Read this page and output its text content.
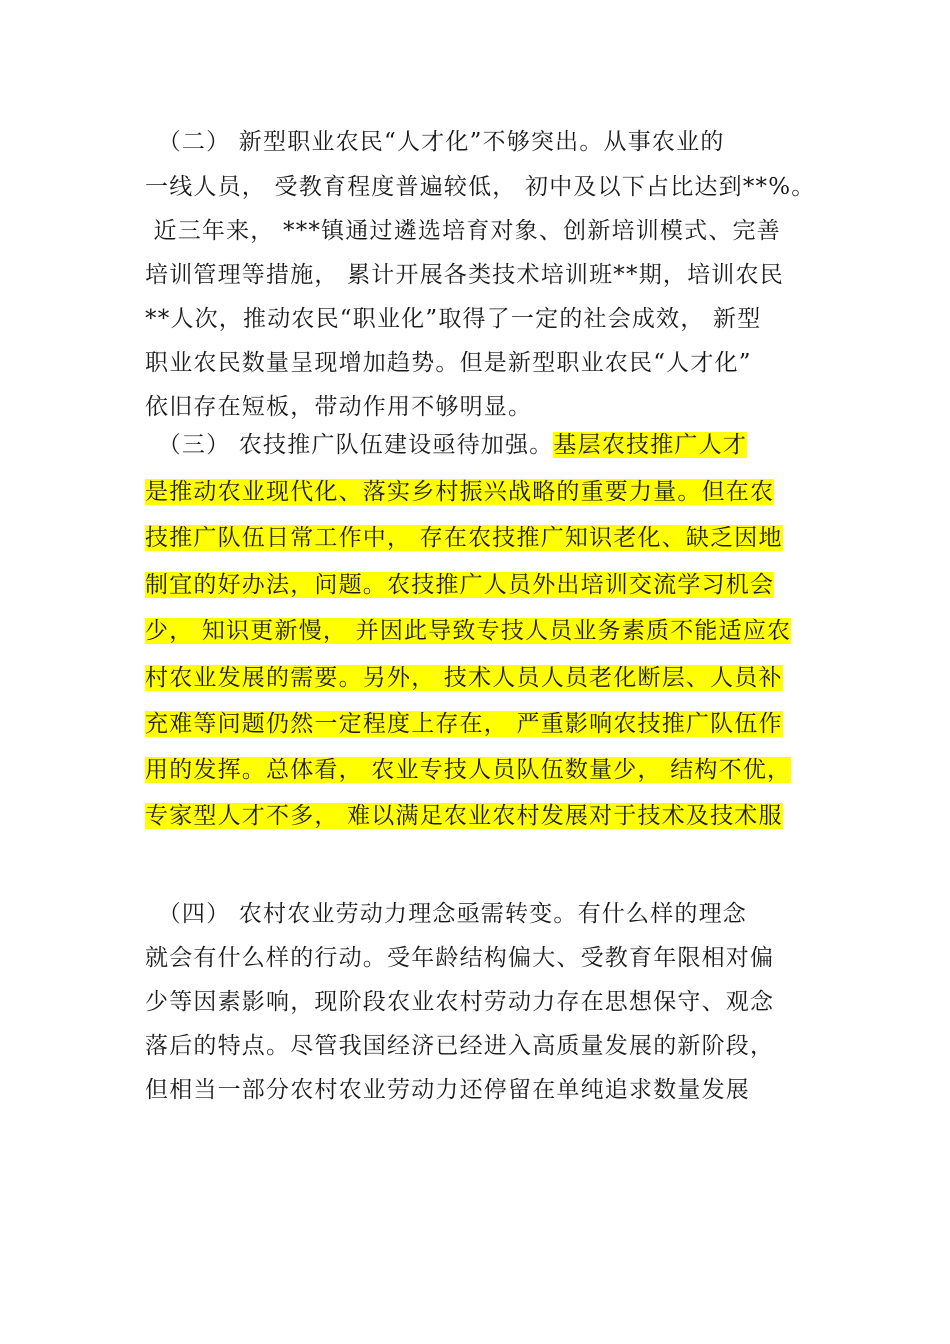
　（二） 新型职业农民“人才化”不够突出。从事农业的
一线人员， 受教育程度普遍较低， 初中及以下占比达到**%。
近三年来， ***镇通过遴选培育对象、创新培训模式、完善
培训管理等措施， 累计开展各类技术培训班**期，培训农民
**人次，推动农民“职业化”取得了一定的社会成效， 新型
职业农民数量呈现增加趋势。但是新型职业农民“人才化”
依旧存在短板，带动作用不够明显。
　（三） 农技推广队伍建设亟待加强。基层农技推广人才
是推动农业现代化、落实乡村振兴战略的重要力量。但在农
技推广队伍日常工作中， 存在农技推广知识老化、缺乏因地
制宜的好办法，问题。农技推广人员外出培训交流学习机会
少， 知识更新慢， 并因此导致专技人员业务素质不能适应农
村农业发展的需要。另外， 技术人员人员老化断层、人员补
充难等问题仍然一定程度上存在， 严重影响农技推广队伍作
用的发挥。总体看， 农业专技人员队伍数量少， 结构不优，
专家型人才不多， 难以满足农业农村发展对于技术及技术服
　（四） 农村农业劳动力理念亟需转变。有什么样的理念
就会有什么样的行动。受年龄结构偏大、受教育年限相对偏
少等因素影响，现阶段农业农村劳动力存在思想保守、观念
落后的特点。尽管我国经济已经进入高质量发展的新阶段，
但相当一部分农村农业劳动力还停留在单纯追求数量发展
